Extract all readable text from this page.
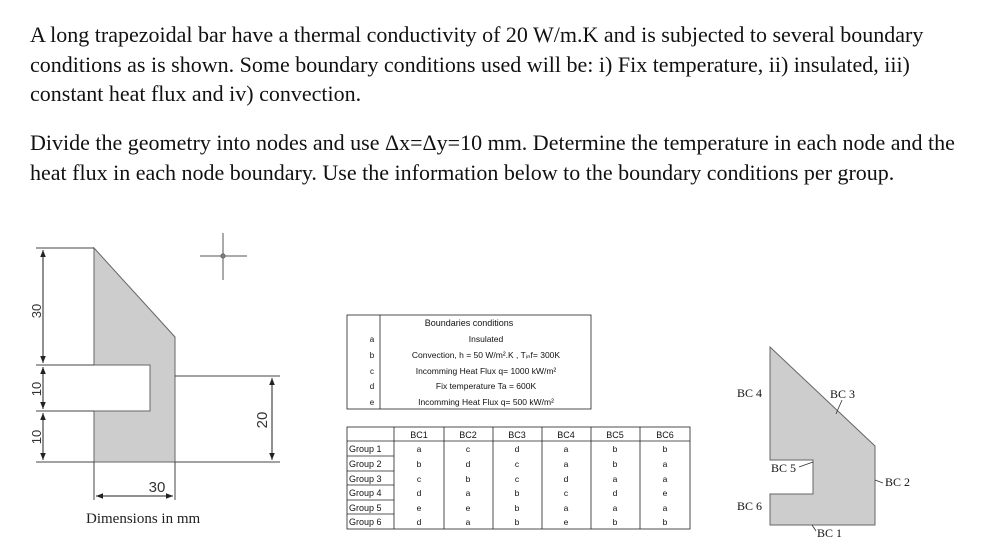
A long trapezoidal bar have a thermal conductivity of 20 W/m.K and is subjected to several boundary conditions as is shown. Some boundary conditions used will be: i) Fix temperature, ii) insulated, iii) constant heat flux and iv) convection.

Divide the geometry into nodes and use Δx=Δy=10 mm. Determine the temperature in each node and the heat flux in each node boundary. Use the information below to the boundary conditions per group.

30
10
10
20
30
Dimensions in mm
Boundaries conditions
a	Insulated
b	Convection, h = 50 W/m².K , Tᵢₙf= 300K
c	Incomming Heat Flux q= 1000 kW/m²
d	Fix temperature Ta = 600K
e	Incomming Heat Flux q= 500 kW/m²
BC1	BC2	BC3	BC4	BC5	BC6
Group 1	a	c	d	a	b	b
Group 2	b	d	c	a	b	a
Group 3	c	b	c	d	a	a
Group 4	d	a	b	c	d	e
Group 5	e	e	b	a	a	a
Group 6	d	a	b	e	b	b
BC 4	BC 3
BC 5
BC 2
BC 6
BC 1
